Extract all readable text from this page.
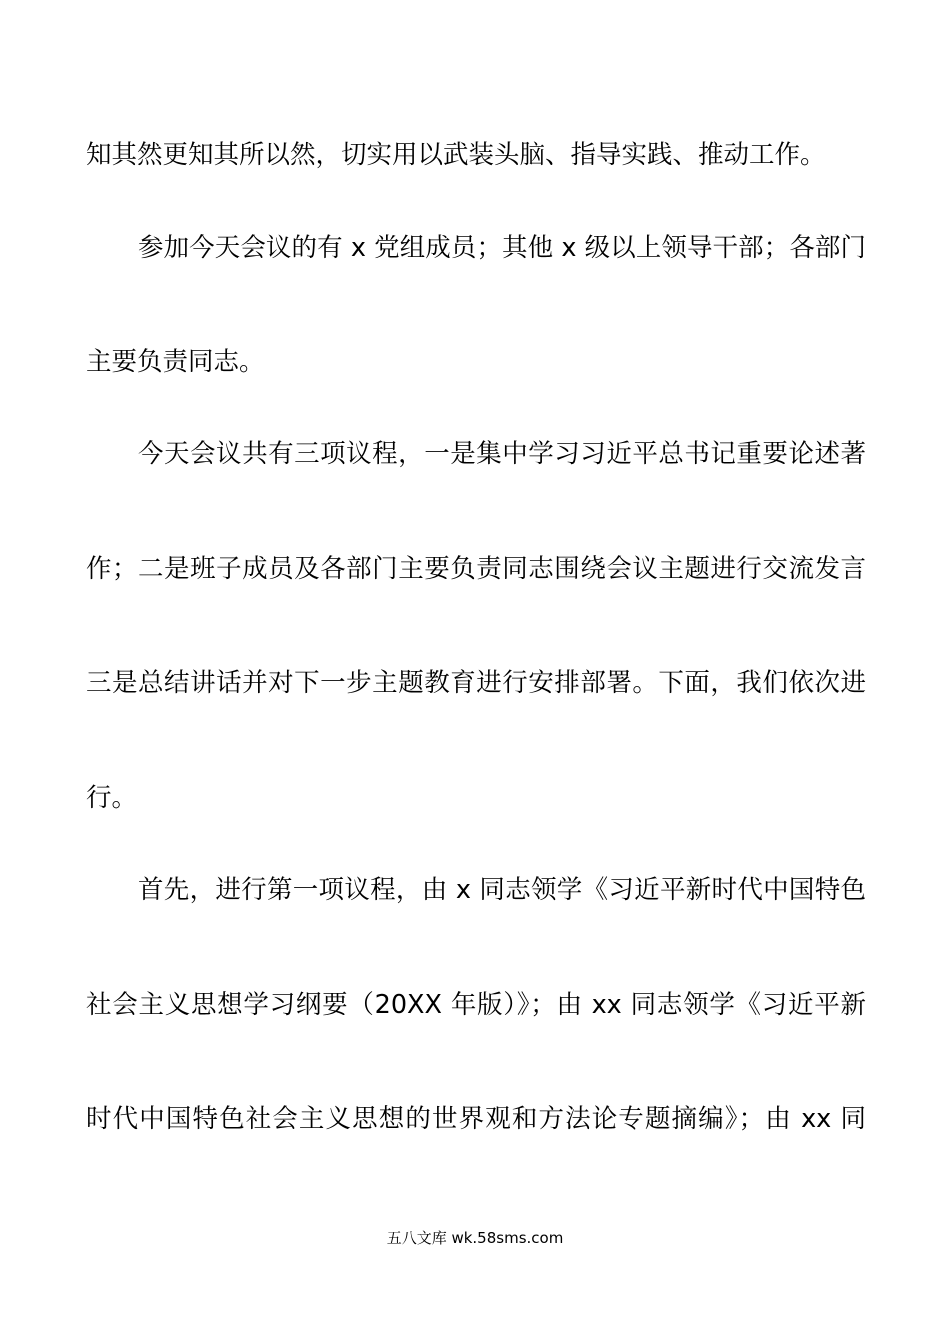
知其然更知其所以然，切实用以武装头脑、指导实践、推动工作。
参加今天会议的有 x 党组成员；其他 x 级以上领导干部；各部门
主要负责同志。
今天会议共有三项议程，一是集中学习习近平总书记重要论述著
作；二是班子成员及各部门主要负责同志围绕会议主题进行交流发言
三是总结讲话并对下一步主题教育进行安排部署。下面，我们依次进
行。
首先，进行第一项议程，由 x 同志领学《习近平新时代中国特色
社会主义思想学习纲要（20XX 年版）》；由 xx 同志领学《习近平新
时代中国特色社会主义思想的世界观和方法论专题摘编》；由 xx 同
五八文库 wk.58sms.com
